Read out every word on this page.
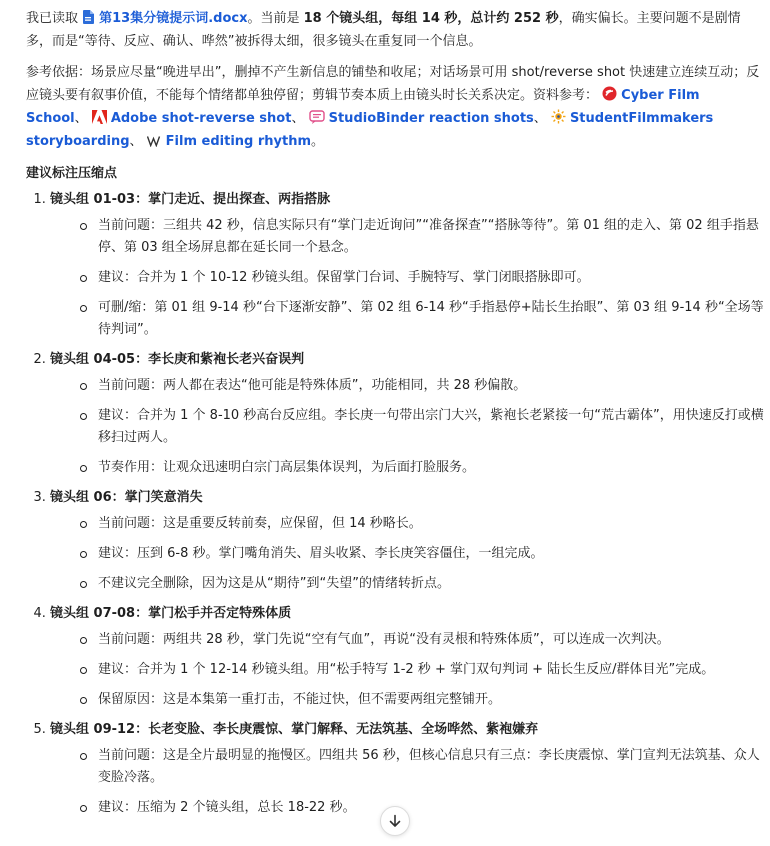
我已读取 第13集分镜提示词.docx。当前是 18 个镜头组，每组 14 秒，总计约 252 秒，确实偏长。主要问题不是剧情多，而是“等待、反应、确认、哗然”被拆得太细，很多镜头在重复同一个信息。

参考依据：场景应尽量“晚进早出”，删掉不产生新信息的铺垫和收尾；对话场景可用 shot/reverse shot 快速建立连续互动；反应镜头要有叙事价值，不能每个情绪都单独停留；剪辑节奏本质上由镜头时长关系决定。资料参考： Cyber Film School、 Adobe shot-reverse shot、 StudioBinder reaction shots、 StudentFilmmakers storyboarding、 Film editing rhythm。

建议标注压缩点
1. 镜头组 01-03：掌门走近、提出探查、两指搭脉
当前问题：三组共 42 秒，信息实际只有“掌门走近询问”“准备探查”“搭脉等待”。第 01 组的走入、第 02 组手指悬停、第 03 组全场屏息都在延长同一个悬念。
建议：合并为 1 个 10-12 秒镜头组。保留掌门台词、手腕特写、掌门闭眼搭脉即可。
可删/缩：第 01 组 9-14 秒“台下逐渐安静”、第 02 组 6-14 秒“手指悬停+陆长生抬眼”、第 03 组 9-14 秒“全场等待判词”。
2. 镜头组 04-05：李长庚和紫袍长老兴奋误判
当前问题：两人都在表达“他可能是特殊体质”，功能相同，共 28 秒偏散。
建议：合并为 1 个 8-10 秒高台反应组。李长庚一句带出宗门大兴，紫袍长老紧接一句“荒古霸体”，用快速反打或横移扫过两人。
节奏作用：让观众迅速明白宗门高层集体误判，为后面打脸服务。
3. 镜头组 06：掌门笑意消失
当前问题：这是重要反转前奏，应保留，但 14 秒略长。
建议：压到 6-8 秒。掌门嘴角消失、眉头收紧、李长庚笑容僵住，一组完成。
不建议完全删除，因为这是从“期待”到“失望”的情绪转折点。
4. 镜头组 07-08：掌门松手并否定特殊体质
当前问题：两组共 28 秒，掌门先说“空有气血”，再说“没有灵根和特殊体质”，可以连成一次判决。
建议：合并为 1 个 12-14 秒镜头组。用“松手特写 1-2 秒 + 掌门双句判词 + 陆长生反应/群体目光”完成。
保留原因：这是本集第一重打击，不能过快，但不需要两组完整铺开。
5. 镜头组 09-12：长老变脸、李长庚震惊、掌门解释、无法筑基、全场哗然、紫袍嫌弃
当前问题：这是全片最明显的拖慢区。四组共 56 秒，但核心信息只有三点：李长庚震惊、掌门宣判无法筑基、众人变脸冷落。
建议：压缩为 2 个镜头组，总长 18-22 秒。
